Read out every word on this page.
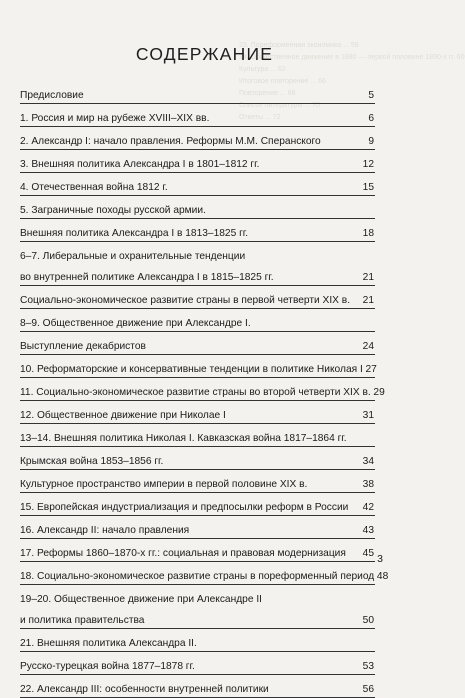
23. Пореформенная экономика ... 59
24. Общественное движение в 1880 — первой половине 1890-х гг. 60
Культура ... 62
Итоговое повторение ... 66
Повторение ... 68
Список литературы ... 70
Ответы ... 72
СОДЕРЖАНИЕ
Предисловие	5
1. Россия и мир на рубеже XVIII–XIX вв.	6
2. Александр I: начало правления. Реформы М.М. Сперанского	9
3. Внешняя политика Александра I в 1801–1812 гг.	12
4. Отечественная война 1812 г.	15
5. Заграничные походы русской армии.
Внешняя политика Александра I в 1813–1825 гг.	18
6–7. Либеральные и охранительные тенденции
во внутренней политике Александра I в 1815–1825 гг.	21
Социально-экономическое развитие страны в первой четверти XIX в.	21
8–9. Общественное движение при Александре I.
Выступление декабристов	24
10. Реформаторские и консервативные тенденции в политике Николая I 27
11. Социально-экономическое развитие страны во второй четверти XIX в. 29
12. Общественное движение при Николае I	31
13–14. Внешняя политика Николая I. Кавказская война 1817–1864 гг.
Крымская война 1853–1856 гг.	34
Культурное пространство империи в первой половине XIX в.	38
15. Европейская индустриализация и предпосылки реформ в России	42
16. Александр II: начало правления	43
17. Реформы 1860–1870-х гг.: социальная и правовая модернизация	45
18. Социально-экономическое развитие страны в пореформенный период 48
19–20. Общественное движение при Александре II
и политика правительства	50
21. Внешняя политика Александра II.
Русско-турецкая война 1877–1878 гг.	53
22. Александр III: особенности внутренней политики	56
3
